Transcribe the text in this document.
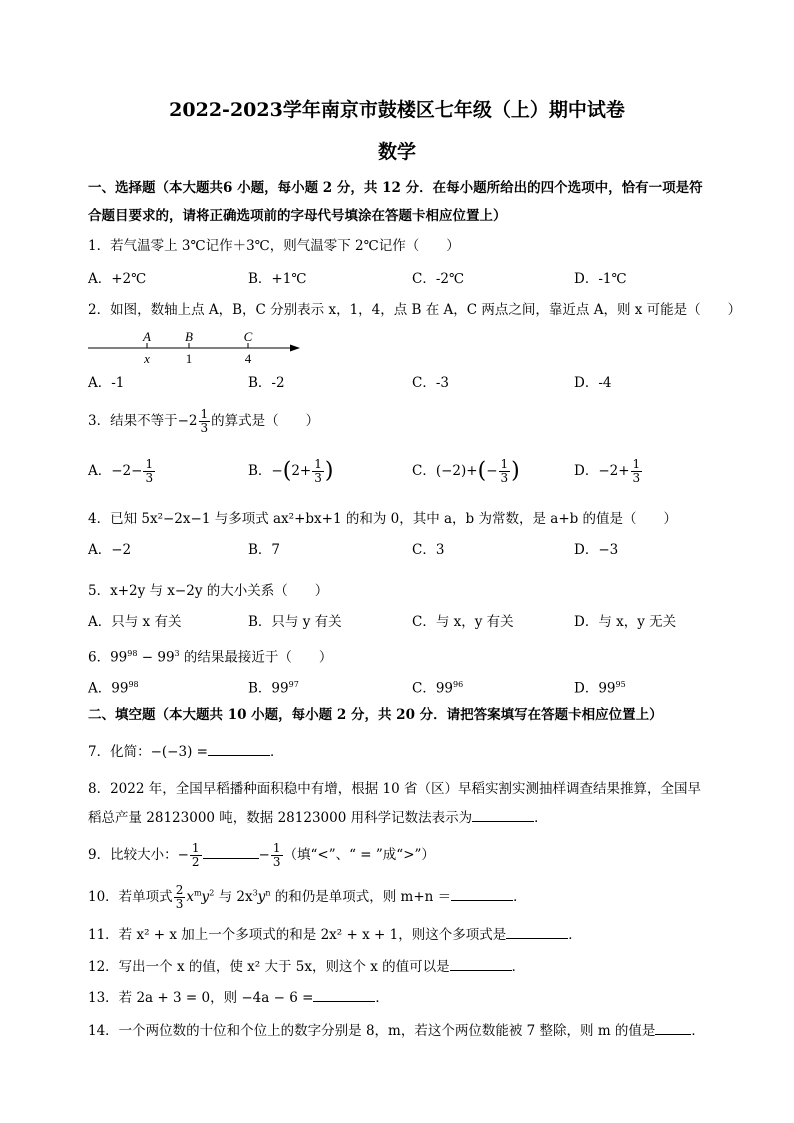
2022-2023学年南京市鼓楼区七年级（上）期中试卷
数学
一、选择题（本大题共6 小题，每小题 2 分，共 12 分．在每小题所给出的四个选项中，恰有一项是符
合题目要求的，请将正确选项前的字母代号填涂在答题卡相应位置上）
1．若气温零上 3℃记作＋3℃，则气温零下 2℃记作（　　）
A．+2℃	B．+1℃	C．-2℃	D．-1℃
2．如图，数轴上点 A，B，C 分别表示 x，1，4，点 B 在 A，C 两点之间，靠近点 A，则 x 可能是（　　）
A	B	C
x	1	4
A．-1	B．-2	C．-3	D．-4
3．结果不等于$-2 \frac{1}{3}$ 的算式是（　　）
A．$-2- \frac{1}{3}$	B．$-(2+ \frac{1}{3}$ )	C．$(-2)+(- \frac{1}{3}$ )	D．$-2+ \frac{1}{3}$
4．已知 5x²−2x−1 与多项式 ax²+bx+1 的和为 0，其中 a，b 为常数，是 a+b 的值是（　　）
A．−2	B．7	C．3	D．−3
5．x+2y 与 x−2y 的大小关系（　　）
A．只与 x 有关	B．只与 y 有关	C．与 x，y 有关	D．与 x，y 无关
6．$99^{98} - 99^3$ 的结果最接近于（　　）
A．$99^{98}$	B．$99^{97}$	C．$99^{96}$	D．$99^{95}$
二、填空题（本大题共 10 小题，每小题 2 分，共 20 分．请把答案填写在答题卡相应位置上）
7．化简：−(−3) =	．
8．2022 年，全国早稻播种面积稳中有增，根据 10 省（区）早稻实割实测抽样调查结果推算，全国早
稻总产量 28123000 吨，数据 28123000 用科学记数法表示为	．
9．比较大小：− $\frac{1}{2}$	− $\frac{1}{3}$ （填“<”、“ = ”成“>”）
10．若单项式 $\frac{2}{3} x^my^2$ 与 $2x^3y^n$ 的和仍是单项式，则 m+n ＝	．
11．若 x² + x 加上一个多项式的和是 2x² + x + 1，则这个多项式是	．
12．写出一个 x 的值，使 x² 大于 5x，则这个 x 的值可以是	．
13．若 2a + 3 = 0，则 −4a − 6 =	．
14．一个两位数的十位和个位上的数字分别是 8，m，若这个两位数能被 7 整除，则 m 的值是	．
